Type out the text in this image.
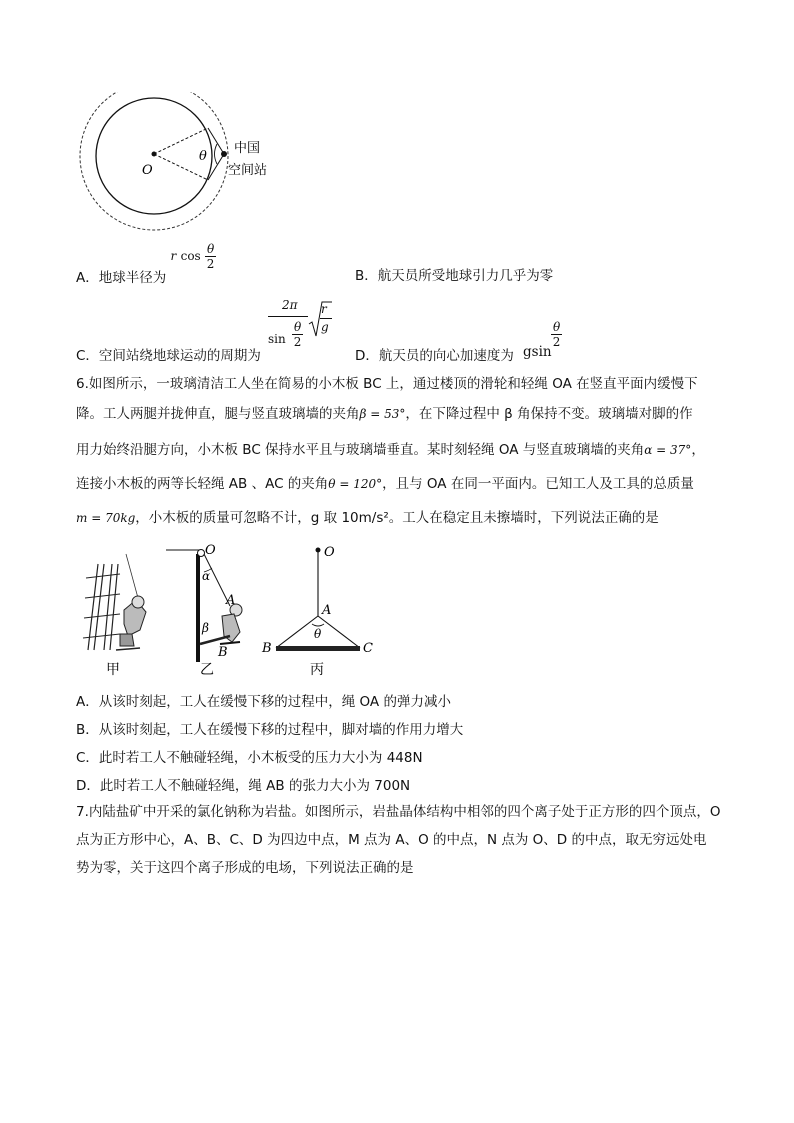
O
θ
中国
空间站
A．地球半径为 r $\cos \frac{\theta}{2}$
B．航天员所受地球引力几乎为零
C．空间站绕地球运动的周期为
2π
$\sin \frac{\theta}{2}$
r
g
D．航天员的向心加速度为 gsin
$\frac{\theta}{2}$
6.如图所示，一玻璃清洁工人坐在简易的小木板 BC 上，通过楼顶的滑轮和轻绳 OA 在竖直平面内缓慢下
降。工人两腿并拢伸直，腿与竖直玻璃墙的夹角β = 53°，在下降过程中 β 角保持不变。玻璃墙对脚的作
用力始终沿腿方向，小木板 BC 保持水平且与玻璃墙垂直。某时刻轻绳 OA 与竖直玻璃墙的夹角α = 37°，
连接小木板的两等长轻绳 AB 、AC 的夹角θ = 120°，且与 OA 在同一平面内。已知工人及工具的总质量
m = 70kg，小木板的质量可忽略不计，g 取 10m/s²。工人在稳定且未擦墙时，下列说法正确的是
甲
O
α
A
β
B
乙
O
A
θ
B	C
丙
A．从该时刻起，工人在缓慢下移的过程中，绳 OA 的弹力减小
B．从该时刻起，工人在缓慢下移的过程中，脚对墙的作用力增大
C．此时若工人不触碰轻绳，小木板受的压力大小为 448N
D．此时若工人不触碰轻绳，绳 AB 的张力大小为 700N
7.内陆盐矿中开采的氯化钠称为岩盐。如图所示，岩盐晶体结构中相邻的四个离子处于正方形的四个顶点，O
点为正方形中心，A、B、C、D 为四边中点，M 点为 A、O 的中点，N 点为 O、D 的中点，取无穷远处电
势为零，关于这四个离子形成的电场，下列说法正确的是
